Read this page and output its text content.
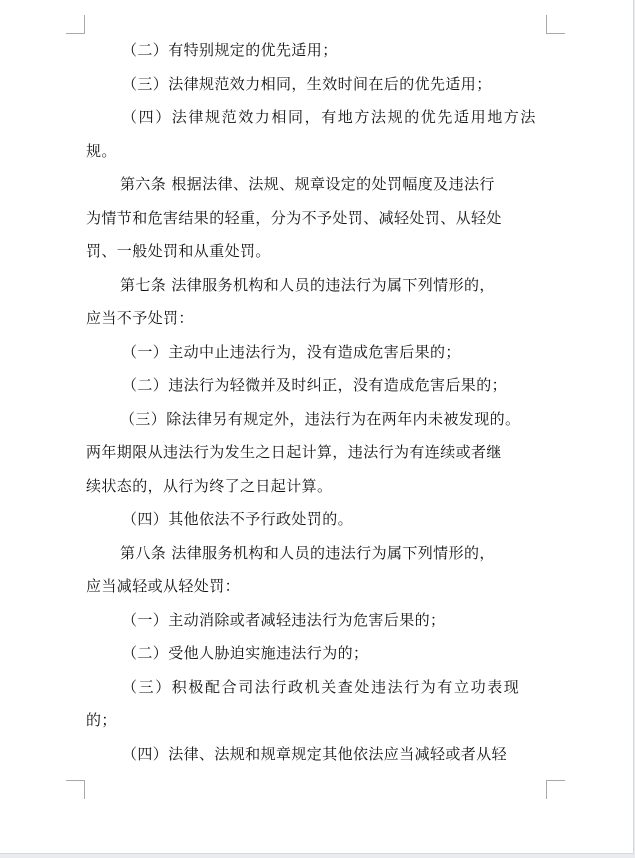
（二）有特别规定的优先适用；
（三）法律规范效力相同，生效时间在后的优先适用；
（四）法律规范效力相同，有地方法规的优先适用地方法
规。
第六条 根据法律、法规、规章设定的处罚幅度及违法行
为情节和危害结果的轻重，分为不予处罚、减轻处罚、从轻处
罚、一般处罚和从重处罚。
第七条 法律服务机构和人员的违法行为属下列情形的，
应当不予处罚：
（一）主动中止违法行为，没有造成危害后果的；
（二）违法行为轻微并及时纠正，没有造成危害后果的；
（三）除法律另有规定外，违法行为在两年内未被发现的。
两年期限从违法行为发生之日起计算，违法行为有连续或者继
续状态的，从行为终了之日起计算。
（四）其他依法不予行政处罚的。
第八条 法律服务机构和人员的违法行为属下列情形的，
应当减轻或从轻处罚：
（一）主动消除或者减轻违法行为危害后果的；
（二）受他人胁迫实施违法行为的；
（三）积极配合司法行政机关查处违法行为有立功表现
的；
（四）法律、法规和规章规定其他依法应当减轻或者从轻
